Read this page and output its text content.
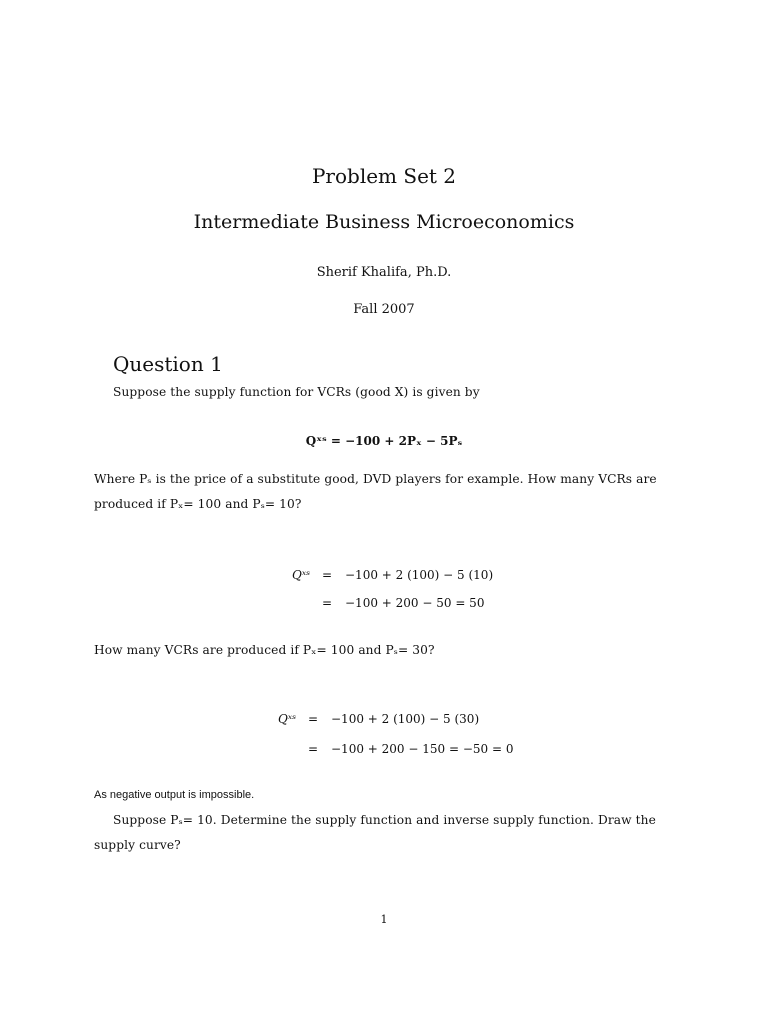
Problem Set 2
Intermediate Business Microeconomics
Sherif Khalifa, Ph.D.
Fall 2007
Question 1
Suppose the supply function for VCRs (good X) is given by
Qˣˢ = −100 + 2Pₓ − 5Pₛ
Where Pₛ is the price of a substitute good, DVD players for example. How many VCRs are
produced if Pₓ= 100 and Pₛ= 10?
Qˣˢ = −100 + 2 (100) − 5 (10)
= −100 + 200 − 50 = 50
How many VCRs are produced if Pₓ= 100 and Pₛ= 30?
Qˣˢ = −100 + 2 (100) − 5 (30)
= −100 + 200 − 150 = −50 = 0
As negative output is impossible.
Suppose Pₛ= 10. Determine the supply function and inverse supply function. Draw the
supply curve?
1
